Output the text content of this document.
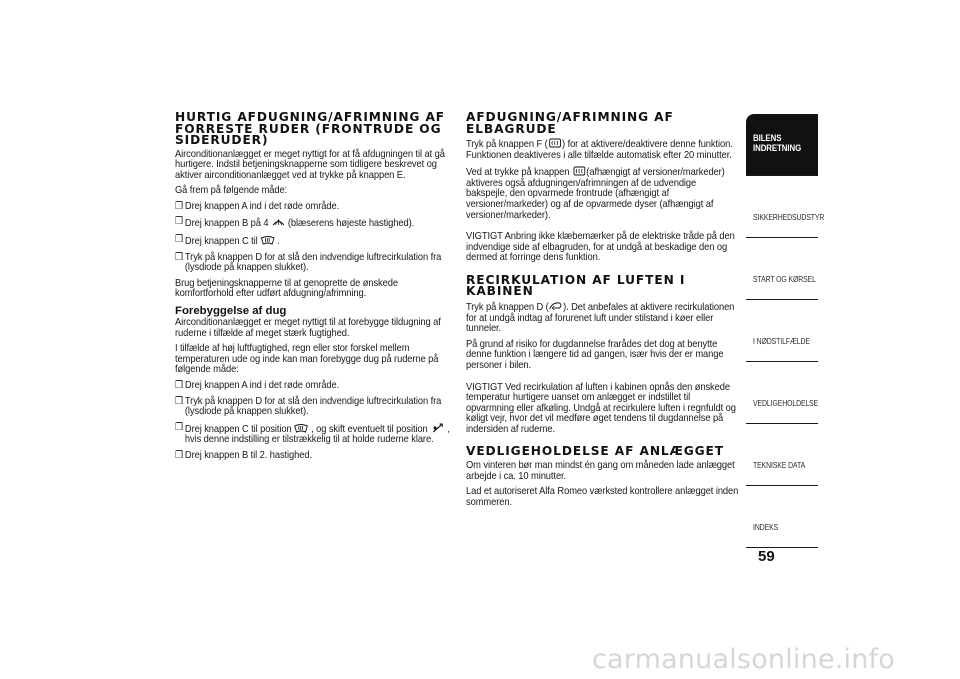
HURTIG AFDUGNING/AFRIMNING AF FORRESTE RUDER (FRONTRUDE OG SIDERUDER)

Airconditionanlægget er meget nyttigt for at få afdugningen til at gå hurtigere. Indstil betjeningsknapperne som tidligere beskrevet og aktiver airconditionanlægget ved at trykke på knappen E.

Gå frem på følgende måde:

❒ Drej knappen A ind i det røde område.

❒ Drej knappen B på 4 (blæserens højeste hastighed).

❒ Drej knappen C til .

❒ Tryk på knappen D for at slå den indvendige luftrecirkulation fra (lysdiode på knappen slukket).

Brug betjeningsknapperne til at genoprette de ønskede komfortforhold efter udført afdugning/afrimning.

Forebyggelse af dug

Airconditionanlægget er meget nyttigt til at forebygge tildugning af ruderne i tilfælde af meget stærk fugtighed.

I tilfælde af høj luftfugtighed, regn eller stor forskel mellem temperaturen ude og inde kan man forebygge dug på ruderne på følgende måde:

❒ Drej knappen A ind i det røde område.

❒ Tryk på knappen D for at slå den indvendige luftrecirkulation fra (lysdiode på knappen slukket).

❒ Drej knappen C til position , og skift eventuelt til position , hvis denne indstilling er tilstrækkelig til at holde ruderne klare.

❒ Drej knappen B til 2. hastighed.

AFDUGNING/AFRIMNING AF ELBAGRUDE

Tryk på knappen F ( ) for at aktivere/deaktivere denne funktion. Funktionen deaktiveres i alle tilfælde automatisk efter 20 minutter.

Ved at trykke på knappen (afhængigt af versioner/markeder) aktiveres også afdugningen/afrimningen af de udvendige bakspejle, den opvarmede frontrude (afhængigt af versioner/markeder) og af de opvarmede dyser (afhængigt af versioner/markeder).

VIGTIGT Anbring ikke klæbemærker på de elektriske tråde på den indvendige side af elbagruden, for at undgå at beskadige den og dermed at forringe dens funktion.

RECIRKULATION AF LUFTEN I KABINEN

Tryk på knappen D ( ). Det anbefales at aktivere recirkulationen for at undgå indtag af forurenet luft under stilstand i køer eller tunneler.

På grund af risiko for dugdannelse frarådes det dog at benytte denne funktion i længere tid ad gangen, især hvis der er mange personer i bilen.

VIGTIGT Ved recirkulation af luften i kabinen opnås den ønskede temperatur hurtigere uanset om anlægget er indstillet til opvarmning eller afkøling. Undgå at recirkulere luften i regnfuldt og køligt vejr, hvor det vil medføre øget tendens til dugdannelse på indersiden af ruderne.

VEDLIGEHOLDELSE AF ANLÆGGET

Om vinteren bør man mindst én gang om måneden lade anlægget arbejde i ca. 10 minutter.

Lad et autoriseret Alfa Romeo værksted kontrollere anlægget inden sommeren.

BILENS INDRETNING
SIKKERHEDSUDSTYR
START OG KØRSEL
I NØDSTILFÆLDE
VEDLIGEHOLDELSE
TEKNISKE DATA
INDEKS
59
carmanualsonline.info
